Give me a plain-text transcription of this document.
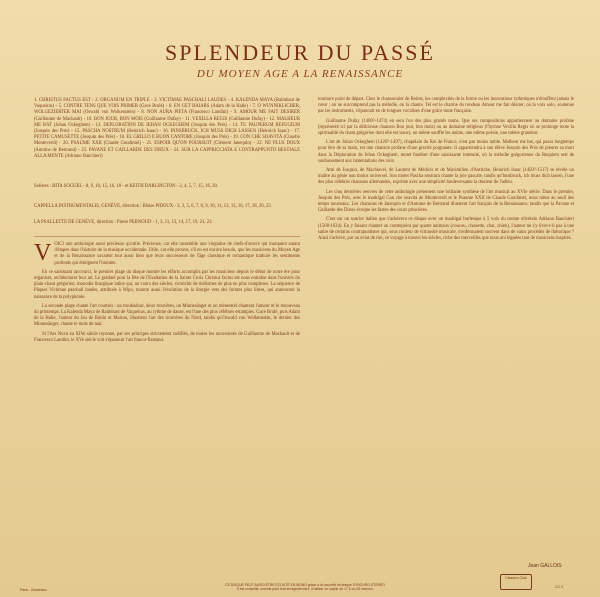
SPLENDEUR DU PASSÉ
DU MOYEN AGE A LA RENAISSANCE
1. CHRISTUS FACTUS EST - 2. ORGANUM EN TRIPLE - 3. VICTIMAE PASCHALI LAUDES - 4. KALENDA MAYA (Raimbaut de Vaqueiras) - 5. CONTRE TENS QUE VOIS PRIMER (Gace Brulé) - 6. EN GET BAIARS (Adam de la Halle) - 7. O WUNNIKLICHER, WOLGEZIERTER MAI (Oswald von Wolkenstein) - 8. NON AURA PIETA (Francesco Landini) - 9. AMOUR ME FAIT DESIRER (Guillaume de Machault) - 10. BON JOUR, BON MOIS (Guillaume Dufay) - 11. VEXILLA REGIS (Guillaume Dufay) - 12. MALHEUR ME BAT (Johan Ockeghem) - 13. DEPLORATION DE JEHAN OCKEGHEM (Josquin des Prés) - 14. TU PAUPERUM REFUGIUM (Josquin des Prés) - 15. PASCHA NOSTRUM (Heinrich Isaac) - 16. INNSBRUCK, ICH MUSS DICH LASSEN (Heinrich Isaac) - 17. PETITE CAMUSETTE (Josquin des Prés) - 18. EL GRILLO E BUON CANTORE (Josquin des Prés) - 19. CON CHE SOAVITÀ (Claudio Monteverdi) - 20. PSAUME XXII (Claude Goudimel) - 21. ESPOIR QU'ON POURSUIT (Clément Janequin) - 22. NE PLUS DOUX (Antoine de Bertrand) - 23. PAVANE ET GAILLARDE DES DIEUX - 24. SUR LA CAPPRICCIATA E CONTRAPPUNTO BESTIALE ALLA MENTE (Adriano Banchieri)
Solistes : RITA SOGUEL - 8, 9, 10, 15, 16, 18 - et KEITH DARLINGTON - 2, 4, 5, 7, 15, 16, 20.
CAPPELLA INSTRUMENTALIS, GENÈVE, direction : Blaise PIDOUX - 2, 3, 5, 6, 7, 8, 9, 10, 11, 12, 13, 16, 17, 18, 20, 22.
LA PSALLETTE DE GENÈVE, direction : Pierre PERNOUD - 1, 3, 11, 13, 14, 17, 19, 21, 23.
V OICI une anthologie aussi précieuse qu'utile. Précieuse, car elle rassemble une vingtaine de chefs-d'œuvre qui marquent autant d'étapes dans l'histoire de la musique occidentale. Utile, car elle prouve, s'il en est encore besoin, que les musiciens du Moyen Age et de la Renaissance savaient tout aussi bien que leurs successeurs de l'âge classique et romantique traduire les sentiments profonds qui étreignent l'homme.

En ce saisissant raccourci, le premier plage du disque montre les efforts accomplis par les musiciens depuis le début de notre ère pour organiser, architecturer leur art. Le graduel pour la fête de l'Exaltation de la Sainte Croix Christus factus est nous entraîne dans l'univers du plain-chant grégorien, monodie liturgique latine qui, au cours des siècles, s'enrichit de mélismes de plus en plus complexes. La séquence de Pâques Victimae paschali laudes, attribuée à Wipo, montre aussi l'évolution de la liturgie vers des formes plus libres, qui annoncent la naissance de la polyphonie.

La seconde plage chante l'art courtois : un troubadour, deux trouvères, un Minnesänger et un ménestrel chantent l'amour et le renouveau du printemps. La Kalenda Maya de Raimbaut de Vaqueiras, au rythme de danse, est l'une des plus célèbres estampies. Gace Brulé, puis Adam de la Halle, l'auteur du Jeu de Robin et Marion, illustrent l'art des trouvères du Nord, tandis qu'Oswald von Wolkenstein, le dernier des Minnesänger, chante le mois de mai.

Si l'Ars Nova au XIVe siècle rayonne, par ses principes strictement codifiés, de toutes les nouveautés de Guillaume de Machault et de Francesco Landini, le XVe siècle voit s'épanouir l'art franco-flamand.

tournure point de départ. Chez le chansonnier de Reims, les complexités de la forme ou les innovations rythmiques n'étouffent jamais le cœur ; on ne surcomprend pas la mélodie, on la chante. Tel est le charme du rondeau Amour me fait désirer, où la voix solo, soutenue par les instruments, s'épanouit en de longues vocalises d'une grâce toute française.

Guillaume Dufay (1400?-1474) en sera l'un des plus grands noms. Que ses compositions appartiennent au domaine profane (représenté ici par la délicieuse chanson Bon jour, bon mois) ou au domaine religieux (l'hymne Vexilla Regis où se prolonge toute la spiritualité du chant grégorien dont elle est issue), un même souffle les anime, une même poésie, une même grandeur.

L'art de Johan Ockeghem (1420?-1497), chapelain du Roi de France, n'est pas moins noble. Malheur me bat, qui passa longtemps pour être de sa main, est une chanson profane d'une gravité poignante. Il appartiendra à son élève Josquin des Prés de pleurer sa mort dans la Déploration de Jehan Ockeghem, motet funèbre d'une saisissante intensité, où la mélodie grégorienne du Requiem sert de soubassement aux lamentations des voix.

Ami de Josquin, de Machiavel, de Laurent de Médicis et de Maximilien d'Autriche, Heinrich Isaac (1450?-1517) se révèle un maître au génie non moins universel. Son motet Pascha nostrum chante la joie pascale, tandis qu'Innsbruck, ich muss dich lassen, l'une des plus célèbres chansons allemandes, exprime avec une simplicité bouleversante la douleur de l'adieu.

Les cinq dernières oeuvres de cette anthologie présentent une brillante synthèse de l'art musical au XVIe siècle. Dans le premier, Josquin des Prés, avec le madrigal Con che soavità de Monteverdi et le Psaume XXII de Claude Goudimel, nous mène au seuil des temps nouveaux. Les chansons de Janequin et d'Antoine de Bertrand illustrent l'art français de la Renaissance, tandis que la Pavane et Gaillarde des Dieux évoque les fastes des cours princières.

C'est sur un sourire italien que s'achèvera ce disque avec un madrigal burlesque à 5 voix du moine olivétain Adriano Banchieri (1568-1634). En y faisant chanter un contrepoint par quatre animaux (coucou, chouette, chat, chien), l'auteur ne s'y livre-t-il pas à une satire de certains contrapuntistes qui, sous couleur de virtuosité musicale, n'enfermaient souvent dans de vains procédés de rhétorique ? Ainsi s'achève, par un éclat de rire, ce voyage à travers les siècles, riche des merveilles que nous ont léguées tant de musiciens inspirés.

Jean GALLOIS
Paris - Bordeaux
CE DISQUE PEUT AUSSI ÊTRE ÉCOUTÉ EN MONO grâce à la nouvelle technique SYNCHRO-STÉRÉO
Il est conseillé, comme pour tout enregistrement, d'utiliser un saphir de 17,5 ou 25 microns
Classics Club
CC 2
